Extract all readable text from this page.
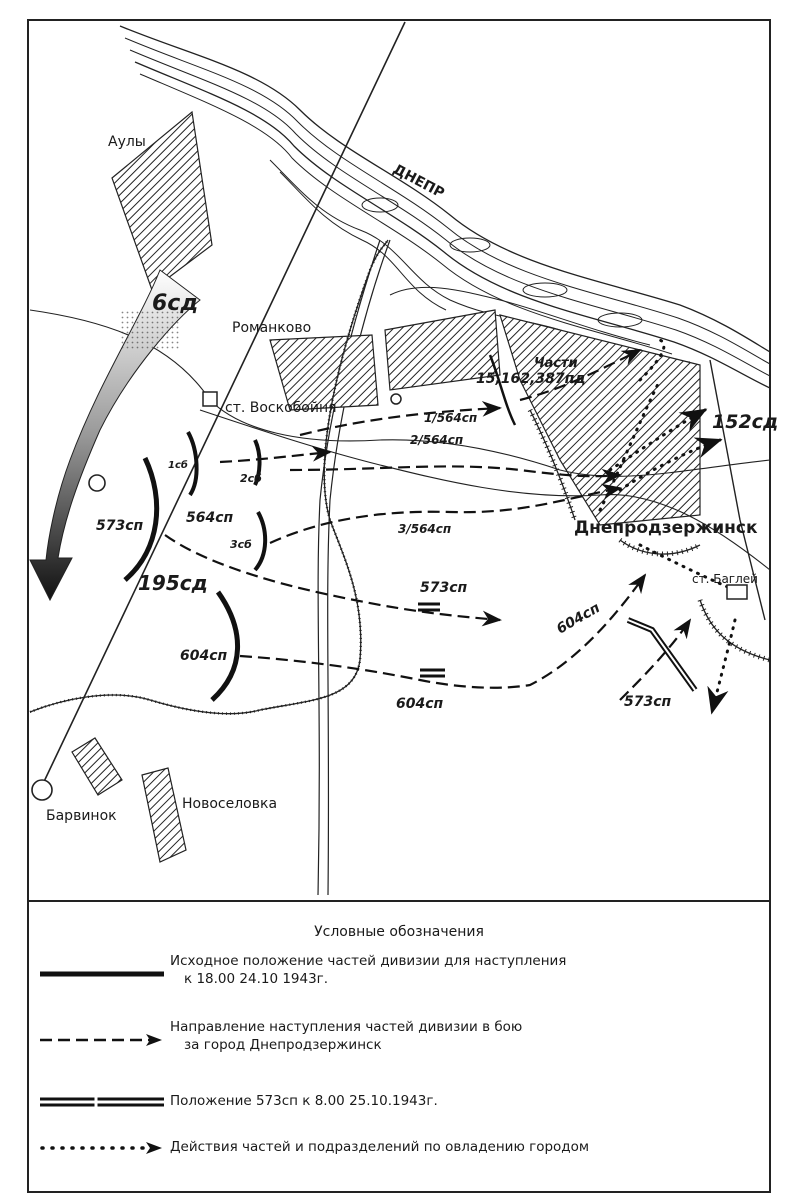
ДНЕПР
Аулы
Романково
ст. Воскобойня
Днепродзержинск
ст. Баглей
Барвинок
Новоселовка
6сд
195сд
152сд
573сп	564сп
604сп
1сб
2сб
3сб
1/564сп
2/564сп
3/564сп
573сп
604сп
604сп
573сп
Части
15,162,387пд
Условные обозначения
Исходное положение частей дивизии для наступления
к 18.00 24.10 1943г.
Направление наступления частей дивизии в бою
за город Днепродзержинск
Положение 573сп к 8.00 25.10.1943г.
Действия частей и подразделений по овладению городом
